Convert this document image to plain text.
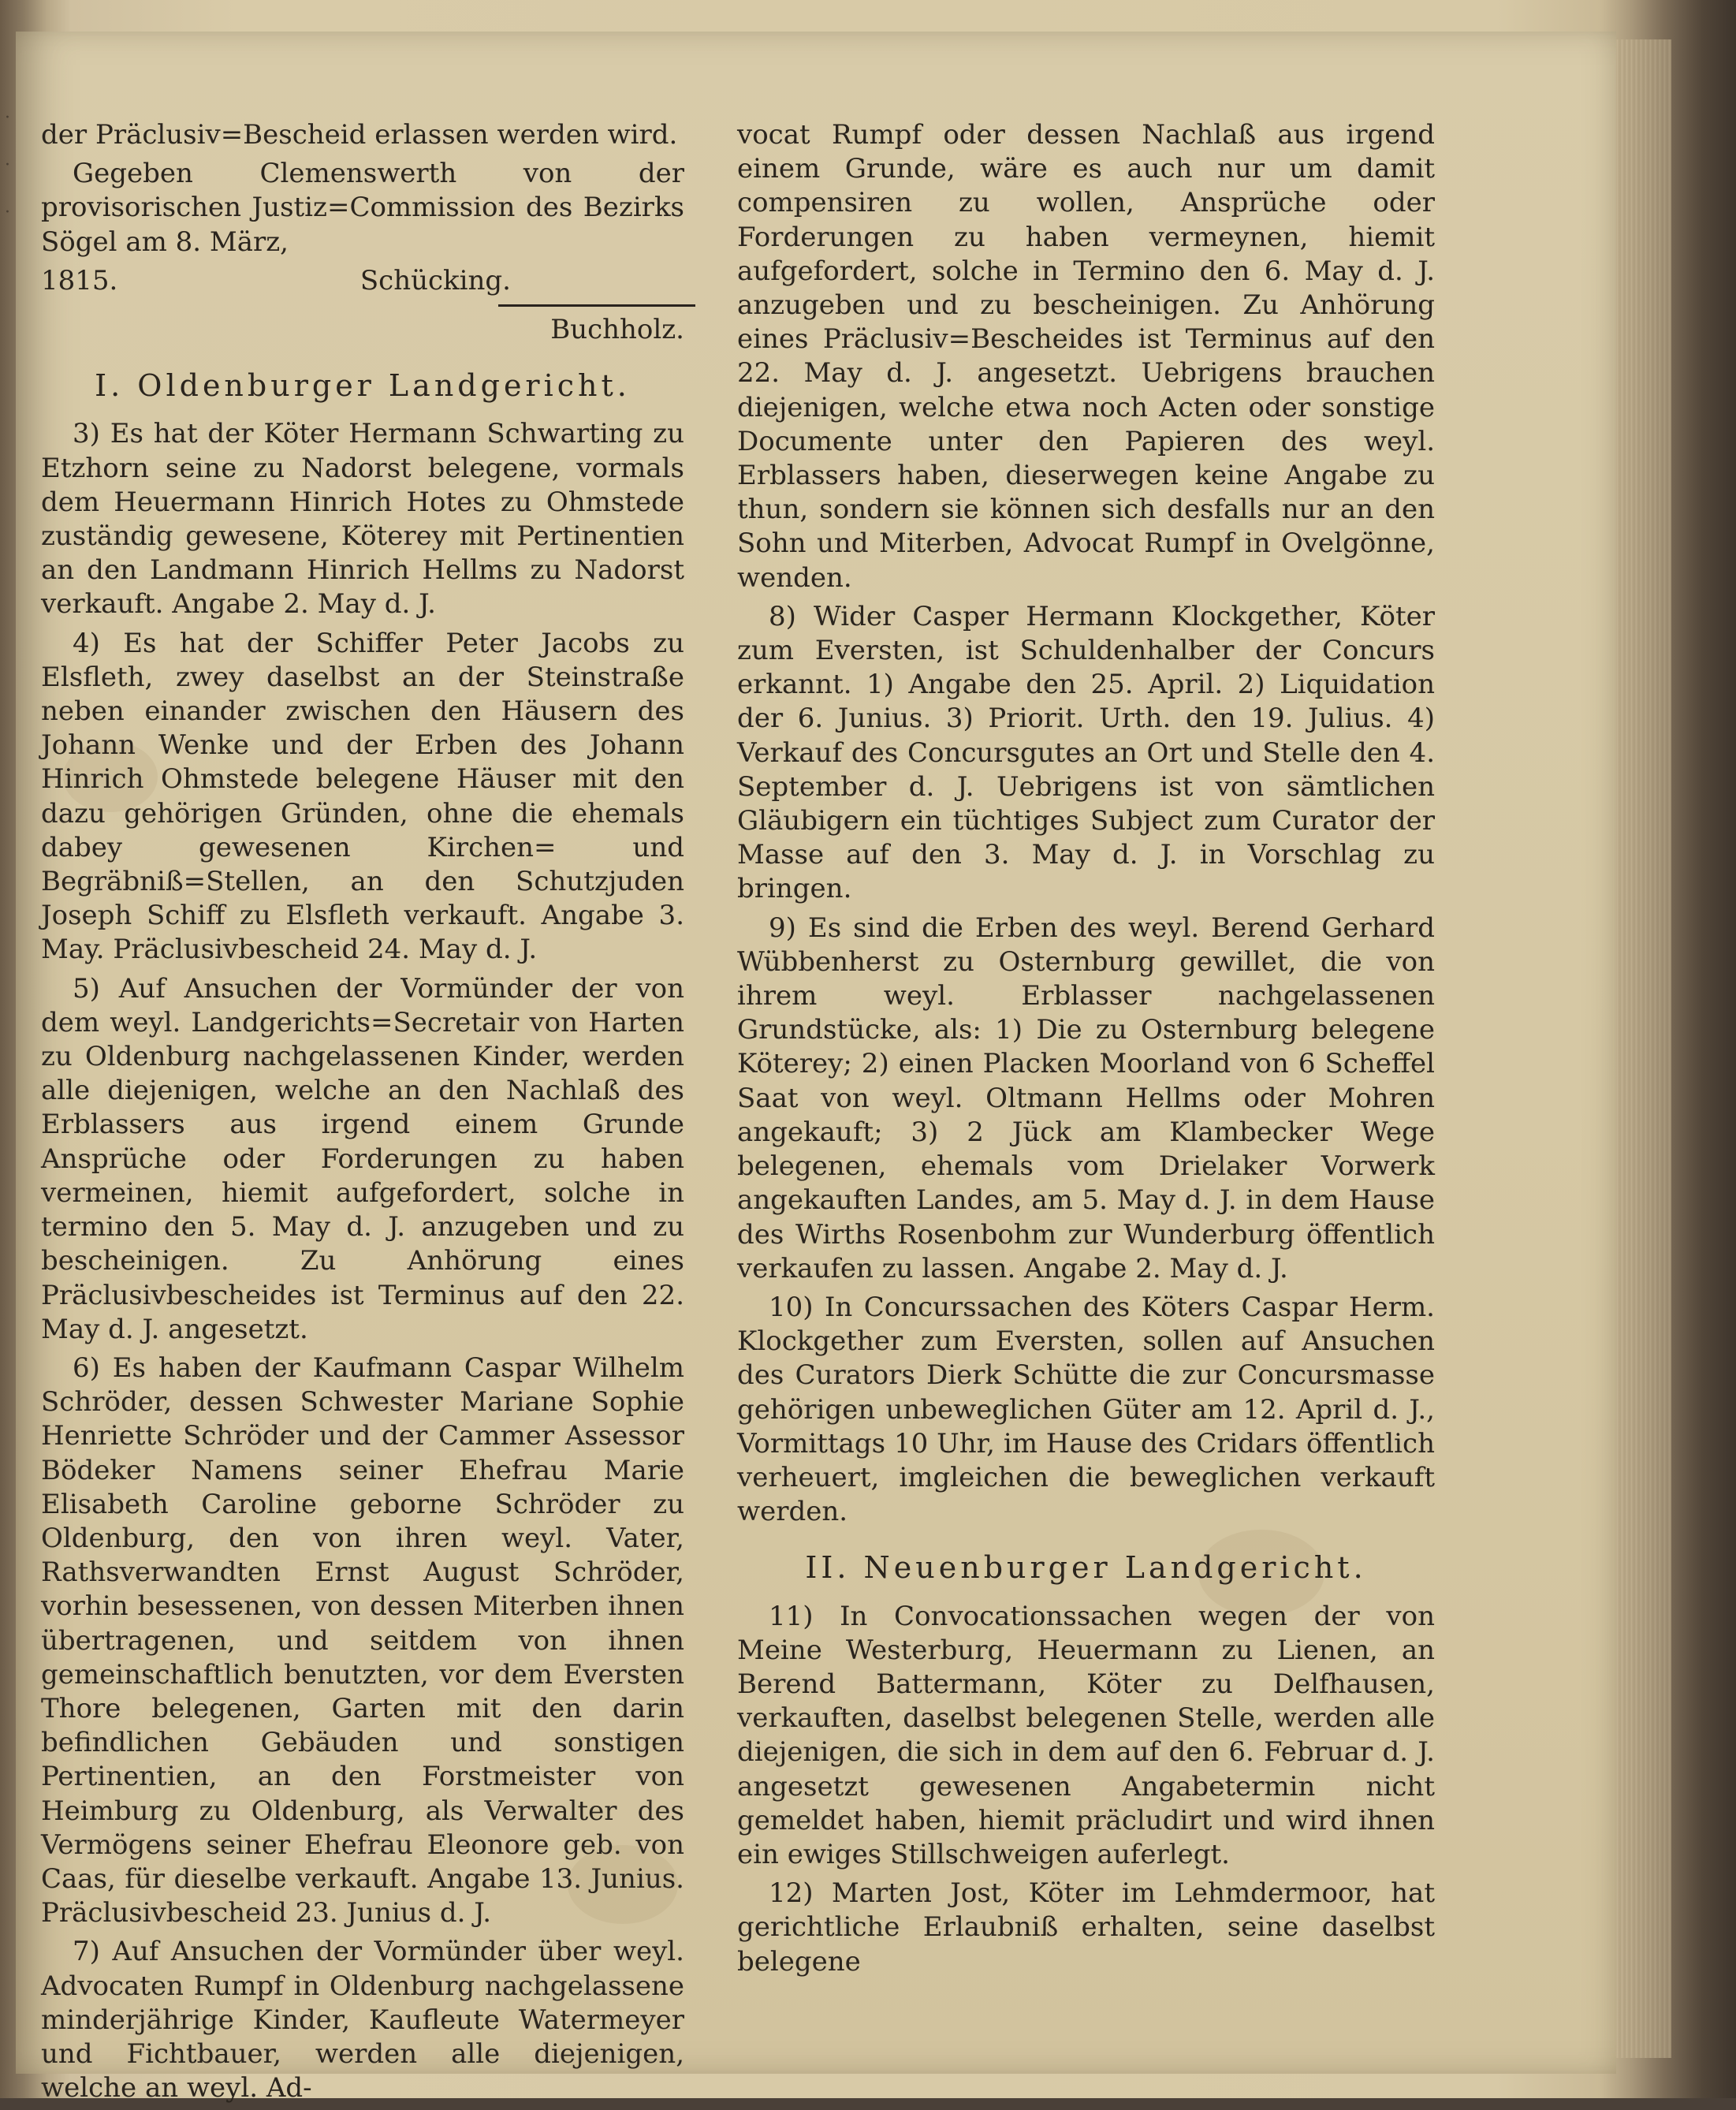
·
·
·

der Präclusiv=Bescheid erlassen werden wird.

Gegeben Clemenswerth von der provisorischen Justiz=Commission des Bezirks Sögel am 8. März,

1815.	Schücking.

Buchholz.

I. Oldenburger Landgericht.

3) Es hat der Köter Hermann Schwarting zu Etzhorn seine zu Nadorst belegene, vormals dem Heuermann Hinrich Hotes zu Ohmstede zuständig gewesene, Köterey mit Pertinentien an den Landmann Hinrich Hellms zu Nadorst verkauft. Angabe 2. May d. J.

4) Es hat der Schiffer Peter Jacobs zu Elsfleth, zwey daselbst an der Steinstraße neben einander zwischen den Häusern des Johann Wenke und der Erben des Johann Hinrich Ohmstede belegene Häuser mit den dazu gehörigen Gründen, ohne die ehemals dabey gewesenen Kirchen= und Begräbniß=Stellen, an den Schutzjuden Joseph Schiff zu Elsfleth verkauft. Angabe 3. May. Präclusivbescheid 24. May d. J.

5) Auf Ansuchen der Vormünder der von dem weyl. Landgerichts=Secretair von Harten zu Oldenburg nachgelassenen Kinder, werden alle diejenigen, welche an den Nachlaß des Erblassers aus irgend einem Grunde Ansprüche oder Forderungen zu haben vermeinen, hiemit aufgefordert, solche in termino den 5. May d. J. anzugeben und zu bescheinigen. Zu Anhörung eines Präclusivbescheides ist Terminus auf den 22. May d. J. angesetzt.

6) Es haben der Kaufmann Caspar Wilhelm Schröder, dessen Schwester Mariane Sophie Henriette Schröder und der Cammer Assessor Bödeker Namens seiner Ehefrau Marie Elisabeth Caroline geborne Schröder zu Oldenburg, den von ihren weyl. Vater, Rathsverwandten Ernst August Schröder, vorhin besessenen, von dessen Miterben ihnen übertragenen, und seitdem von ihnen gemeinschaftlich benutzten, vor dem Eversten Thore belegenen, Garten mit den darin befindlichen Gebäuden und sonstigen Pertinentien, an den Forstmeister von Heimburg zu Oldenburg, als Verwalter des Vermögens seiner Ehefrau Eleonore geb. von Caas, für dieselbe verkauft. Angabe 13. Junius. Präclusivbescheid 23. Junius d. J.

7) Auf Ansuchen der Vormünder über weyl. Advocaten Rumpf in Oldenburg nachgelassene minderjährige Kinder, Kaufleute Watermeyer und Fichtbauer, werden alle diejenigen, welche an weyl. Ad-

vocat Rumpf oder dessen Nachlaß aus irgend einem Grunde, wäre es auch nur um damit compensiren zu wollen, Ansprüche oder Forderungen zu haben vermeynen, hiemit aufgefordert, solche in Termino den 6. May d. J. anzugeben und zu bescheinigen. Zu Anhörung eines Präclusiv=Bescheides ist Terminus auf den 22. May d. J. angesetzt. Uebrigens brauchen diejenigen, welche etwa noch Acten oder sonstige Documente unter den Papieren des weyl. Erblassers haben, dieserwegen keine Angabe zu thun, sondern sie können sich desfalls nur an den Sohn und Miterben, Advocat Rumpf in Ovelgönne, wenden.

8) Wider Casper Hermann Klockgether, Köter zum Eversten, ist Schuldenhalber der Concurs erkannt. 1) Angabe den 25. April. 2) Liquidation der 6. Junius. 3) Priorit. Urth. den 19. Julius. 4) Verkauf des Concursgutes an Ort und Stelle den 4. September d. J. Uebrigens ist von sämtlichen Gläubigern ein tüchtiges Subject zum Curator der Masse auf den 3. May d. J. in Vorschlag zu bringen.

9) Es sind die Erben des weyl. Berend Gerhard Wübbenherst zu Osternburg gewillet, die von ihrem weyl. Erblasser nachgelassenen Grundstücke, als: 1) Die zu Osternburg belegene Köterey; 2) einen Placken Moorland von 6 Scheffel Saat von weyl. Oltmann Hellms oder Mohren angekauft; 3) 2 Jück am Klambecker Wege belegenen, ehemals vom Drielaker Vorwerk angekauften Landes, am 5. May d. J. in dem Hause des Wirths Rosenbohm zur Wunderburg öffentlich verkaufen zu lassen. Angabe 2. May d. J.

10) In Concurssachen des Köters Caspar Herm. Klockgether zum Eversten, sollen auf Ansuchen des Curators Dierk Schütte die zur Concursmasse gehörigen unbeweglichen Güter am 12. April d. J., Vormittags 10 Uhr, im Hause des Cridars öffentlich verheuert, imgleichen die beweglichen verkauft werden.

II. Neuenburger Landgericht.

11) In Convocationssachen wegen der von Meine Westerburg, Heuermann zu Lienen, an Berend Battermann, Köter zu Delfhausen, verkauften, daselbst belegenen Stelle, werden alle diejenigen, die sich in dem auf den 6. Februar d. J. angesetzt gewesenen Angabetermin nicht gemeldet haben, hiemit präcludirt und wird ihnen ein ewiges Stillschweigen auferlegt.

12) Marten Jost, Köter im Lehmdermoor, hat gerichtliche Erlaubniß erhalten, seine daselbst belegene
